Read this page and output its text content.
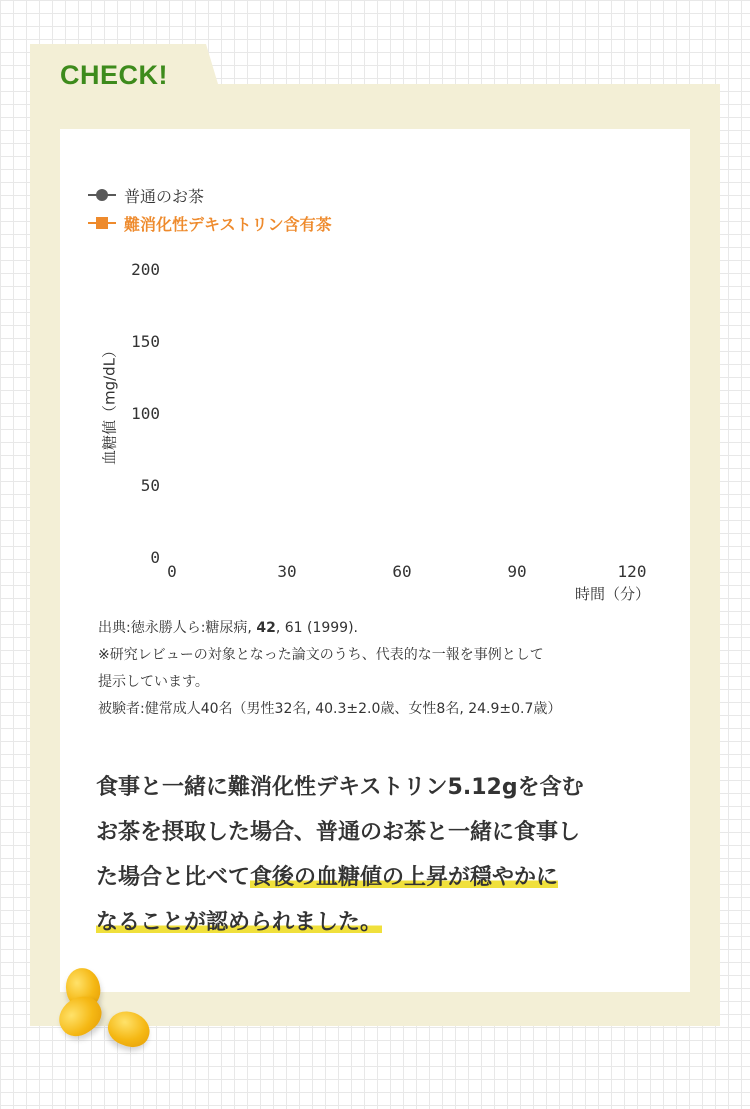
CHECK!
普通のお茶
難消化性デキストリン含有茶
血糖値（mg/dL）
0
50
100
150
200
0	30	60	90	120
時間（分）

出典:徳永勝人ら:糖尿病, 42, 61 (1999).

※研究レビューの対象となった論文のうち、代表的な一報を事例として

提示しています。

被験者:健常成人40名（男性32名, 40.3±2.0歳、女性8名, 24.9±0.7歳）

食事と一緒に難消化性デキストリン5.12gを含む

お茶を摂取した場合、普通のお茶と一緒に食事し

た場合と比べて食後の血糖値の上昇が穏やかに

なることが認められました。
